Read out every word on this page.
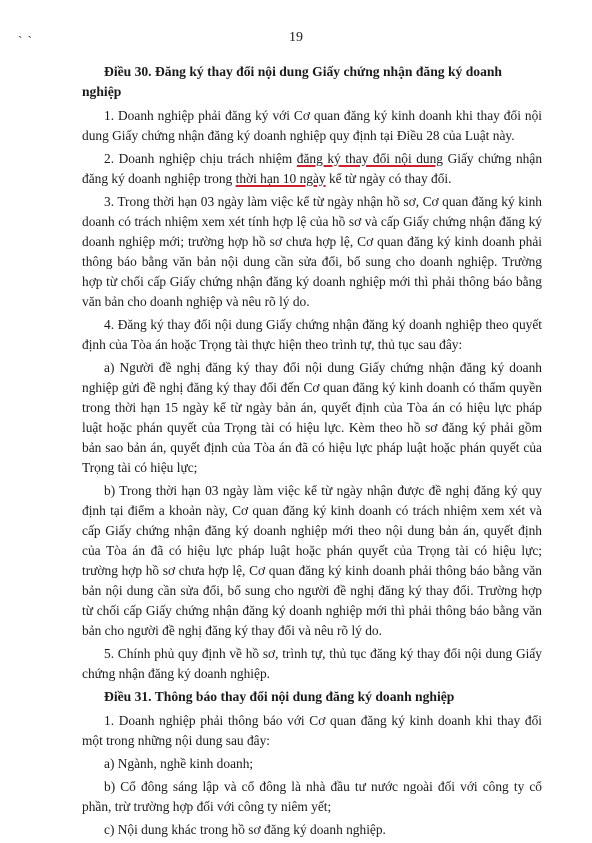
` `	19
Điều 30. Đăng ký thay đổi nội dung Giấy chứng nhận đăng ký doanh nghiệp

1. Doanh nghiệp phải đăng ký với Cơ quan đăng ký kinh doanh khi thay đổi nội dung Giấy chứng nhận đăng ký doanh nghiệp quy định tại Điều 28 của Luật này.

2. Doanh nghiệp chịu trách nhiệm đăng ký thay đổi nội dung Giấy chứng nhận đăng ký doanh nghiệp trong thời hạn 10 ngày kể từ ngày có thay đổi.

3. Trong thời hạn 03 ngày làm việc kể từ ngày nhận hồ sơ, Cơ quan đăng ký kinh doanh có trách nhiệm xem xét tính hợp lệ của hồ sơ và cấp Giấy chứng nhận đăng ký doanh nghiệp mới; trường hợp hồ sơ chưa hợp lệ, Cơ quan đăng ký kinh doanh phải thông báo bằng văn bản nội dung cần sửa đổi, bổ sung cho doanh nghiệp. Trường hợp từ chối cấp Giấy chứng nhận đăng ký doanh nghiệp mới thì phải thông báo bằng văn bản cho doanh nghiệp và nêu rõ lý do.

4. Đăng ký thay đổi nội dung Giấy chứng nhận đăng ký doanh nghiệp theo quyết định của Tòa án hoặc Trọng tài thực hiện theo trình tự, thủ tục sau đây:

a) Người đề nghị đăng ký thay đổi nội dung Giấy chứng nhận đăng ký doanh nghiệp gửi đề nghị đăng ký thay đổi đến Cơ quan đăng ký kinh doanh có thẩm quyền trong thời hạn 15 ngày kể từ ngày bản án, quyết định của Tòa án có hiệu lực pháp luật hoặc phán quyết của Trọng tài có hiệu lực. Kèm theo hồ sơ đăng ký phải gồm bản sao bản án, quyết định của Tòa án đã có hiệu lực pháp luật hoặc phán quyết của Trọng tài có hiệu lực;

b) Trong thời hạn 03 ngày làm việc kể từ ngày nhận được đề nghị đăng ký quy định tại điểm a khoản này, Cơ quan đăng ký kinh doanh có trách nhiệm xem xét và cấp Giấy chứng nhận đăng ký doanh nghiệp mới theo nội dung bản án, quyết định của Tòa án đã có hiệu lực pháp luật hoặc phán quyết của Trọng tài có hiệu lực; trường hợp hồ sơ chưa hợp lệ, Cơ quan đăng ký kinh doanh phải thông báo bằng văn bản nội dung cần sửa đổi, bổ sung cho người đề nghị đăng ký thay đổi. Trường hợp từ chối cấp Giấy chứng nhận đăng ký doanh nghiệp mới thì phải thông báo bằng văn bản cho người đề nghị đăng ký thay đổi và nêu rõ lý do.

5. Chính phủ quy định về hồ sơ, trình tự, thủ tục đăng ký thay đổi nội dung Giấy chứng nhận đăng ký doanh nghiệp.

Điều 31. Thông báo thay đổi nội dung đăng ký doanh nghiệp

1. Doanh nghiệp phải thông báo với Cơ quan đăng ký kinh doanh khi thay đổi một trong những nội dung sau đây:

a) Ngành, nghề kinh doanh;

b) Cổ đông sáng lập và cổ đông là nhà đầu tư nước ngoài đối với công ty cổ phần, trừ trường hợp đối với công ty niêm yết;

c) Nội dung khác trong hồ sơ đăng ký doanh nghiệp.
